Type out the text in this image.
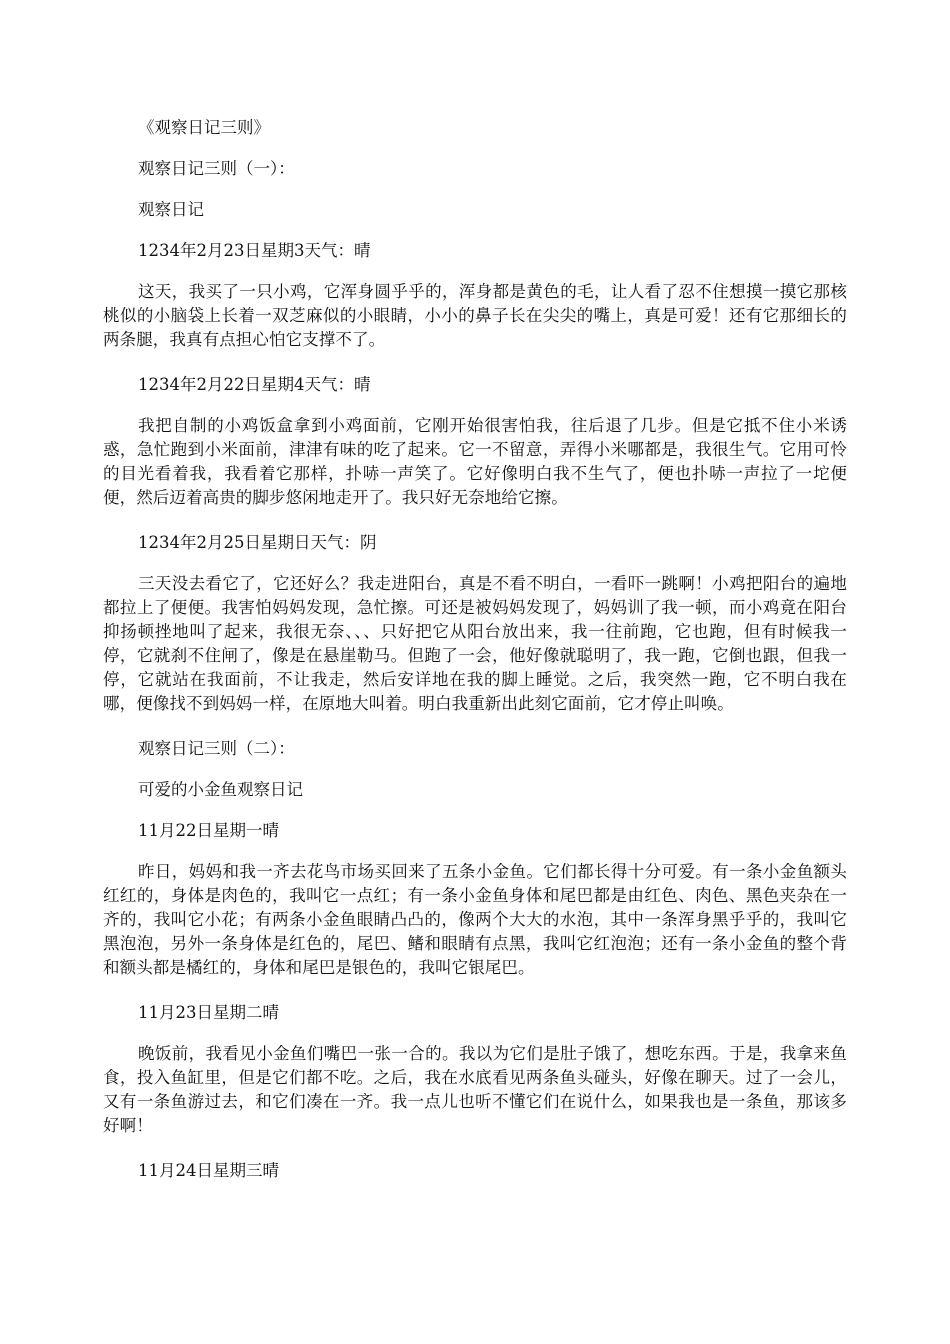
《观察日记三则》

观察日记三则（一）：

观察日记

1234年2月23日星期3天气：晴

这天，我买了一只小鸡，它浑身圆乎乎的，浑身都是黄色的毛，让人看了忍不住想摸一摸它那核桃似的小脑袋上长着一双芝麻似的小眼睛，小小的鼻子长在尖尖的嘴上，真是可爱！还有它那细长的两条腿，我真有点担心怕它支撑不了。

1234年2月22日星期4天气：晴

我把自制的小鸡饭盒拿到小鸡面前，它刚开始很害怕我，往后退了几步。但是它抵不住小米诱惑，急忙跑到小米面前，津津有味的吃了起来。它一不留意，弄得小米哪都是，我很生气。它用可怜的目光看着我，我看着它那样，扑哧一声笑了。它好像明白我不生气了，便也扑哧一声拉了一坨便便，然后迈着高贵的脚步悠闲地走开了。我只好无奈地给它擦。

1234年2月25日星期日天气：阴

三天没去看它了，它还好么？我走进阳台，真是不看不明白，一看吓一跳啊！小鸡把阳台的遍地都拉上了便便。我害怕妈妈发现，急忙擦。可还是被妈妈发现了，妈妈训了我一顿，而小鸡竟在阳台抑扬顿挫地叫了起来，我很无奈、、、只好把它从阳台放出来，我一往前跑，它也跑，但有时候我一停，它就刹不住闸了，像是在悬崖勒马。但跑了一会，他好像就聪明了，我一跑，它倒也跟，但我一停，它就站在我面前，不让我走，然后安详地在我的脚上睡觉。之后，我突然一跑，它不明白我在哪，便像找不到妈妈一样，在原地大叫着。明白我重新出此刻它面前，它才停止叫唤。

观察日记三则（二）：

可爱的小金鱼观察日记

11月22日星期一晴

昨日，妈妈和我一齐去花鸟市场买回来了五条小金鱼。它们都长得十分可爱。有一条小金鱼额头红红的，身体是肉色的，我叫它一点红；有一条小金鱼身体和尾巴都是由红色、肉色、黑色夹杂在一齐的，我叫它小花；有两条小金鱼眼睛凸凸的，像两个大大的水泡，其中一条浑身黑乎乎的，我叫它黑泡泡，另外一条身体是红色的，尾巴、鳍和眼睛有点黑，我叫它红泡泡；还有一条小金鱼的整个背和额头都是橘红的，身体和尾巴是银色的，我叫它银尾巴。

11月23日星期二晴

晚饭前，我看见小金鱼们嘴巴一张一合的。我以为它们是肚子饿了，想吃东西。于是，我拿来鱼食，投入鱼缸里，但是它们都不吃。之后，我在水底看见两条鱼头碰头，好像在聊天。过了一会儿，又有一条鱼游过去，和它们凑在一齐。我一点儿也听不懂它们在说什么，如果我也是一条鱼，那该多好啊！

11月24日星期三晴
